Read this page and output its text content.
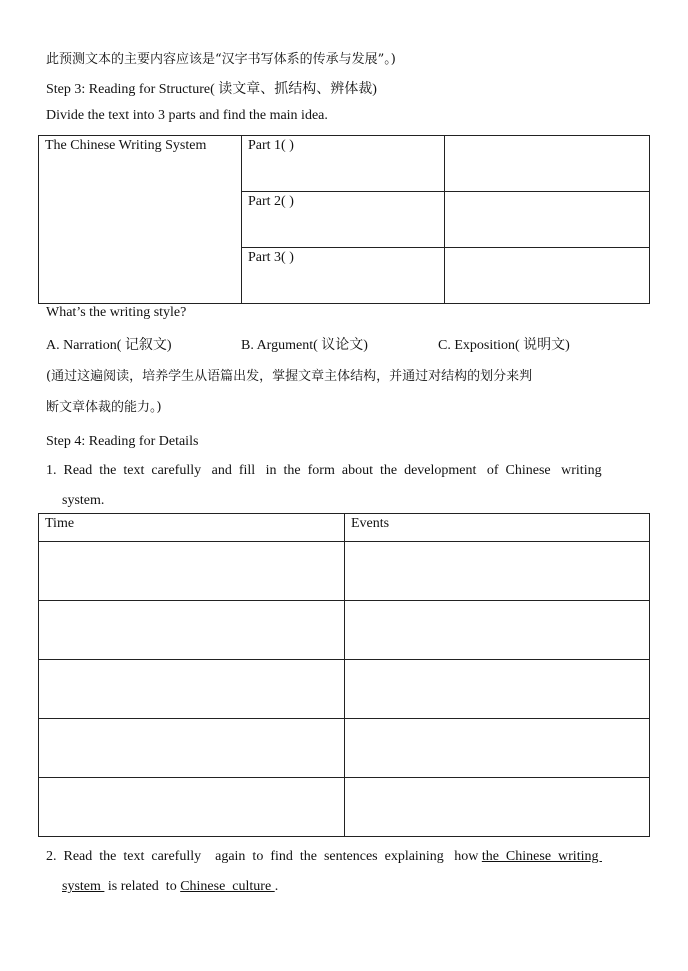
此预测文本的主要内容应该是“汉字书写体系的传承与发展”。)
Step 3: Reading for Structure( 读文章、抓结构、辨体裁)
Divide the text into 3 parts and find the main idea.
The Chinese Writing System	Part 1( )	
	Part 2( )	
	Part 3( )	
What’s the writing style?
A. Narration( 记叙文)	B. Argument( 议论文)	C. Exposition( 说明文)
(通过这遍阅读，培养学生从语篇出发，掌握文章主体结构，并通过对结构的划分来判
断文章体裁的能力。)
Step 4: Reading for Details
1.  Read  the  text  carefully   and  fill   in  the  form  about  the  development   of  Chinese   writing
system.
Time	Events

2.  Read  the  text  carefully    again  to  find  the  sentences  explaining   how the  Chinese  writing
system  is related  to Chinese  culture .
